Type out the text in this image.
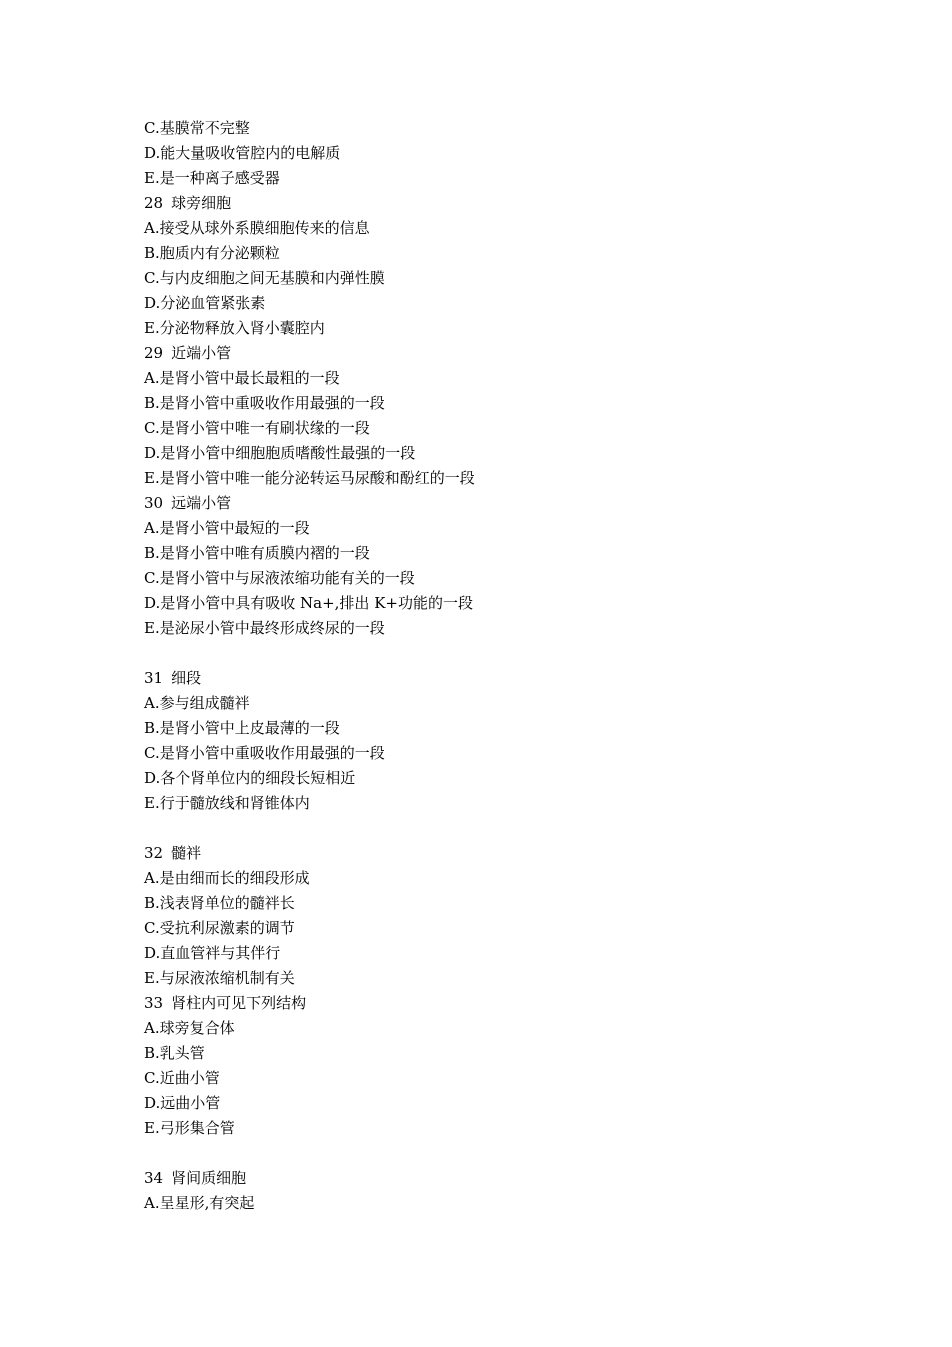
C.基膜常不完整
D.能大量吸收管腔内的电解质
E.是一种离子感受器
28 球旁细胞
A.接受从球外系膜细胞传来的信息
B.胞质内有分泌颗粒
C.与内皮细胞之间无基膜和内弹性膜
D.分泌血管紧张素
E.分泌物释放入肾小囊腔内
29 近端小管
A.是肾小管中最长最粗的一段
B.是肾小管中重吸收作用最强的一段
C.是肾小管中唯一有刷状缘的一段
D.是肾小管中细胞胞质嗜酸性最强的一段
E.是肾小管中唯一能分泌转运马尿酸和酚红的一段
30 远端小管
A.是肾小管中最短的一段
B.是肾小管中唯有质膜内褶的一段
C.是肾小管中与尿液浓缩功能有关的一段
D.是肾小管中具有吸收 Na+,排出 K+功能的一段
E.是泌尿小管中最终形成终尿的一段
31 细段
A.参与组成髓袢
B.是肾小管中上皮最薄的一段
C.是肾小管中重吸收作用最强的一段
D.各个肾单位内的细段长短相近
E.行于髓放线和肾锥体内
32 髓袢
A.是由细而长的细段形成
B.浅表肾单位的髓袢长
C.受抗利尿激素的调节
D.直血管袢与其伴行
E.与尿液浓缩机制有关
33 肾柱内可见下列结构
A.球旁复合体
B.乳头管
C.近曲小管
D.远曲小管
E.弓形集合管
34 肾间质细胞
A.呈星形,有突起
